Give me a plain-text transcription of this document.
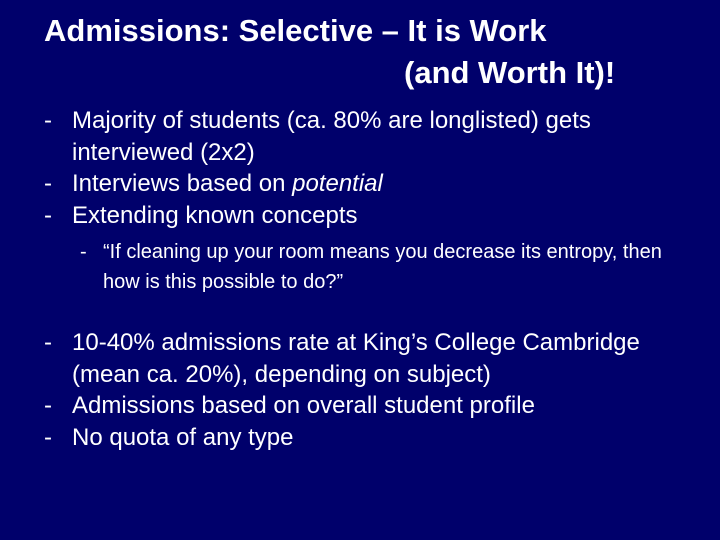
Admissions: Selective – It is Work
(and Worth It)!
- Majority of students (ca. 80% are longlisted) gets interviewed (2x2)
- Interviews based on potential
- Extending known concepts
- “If cleaning up your room means you decrease its entropy, then how is this possible to do?”
- 10-40% admissions rate at King’s College Cambridge (mean ca. 20%), depending on subject)
- Admissions based on overall student profile
- No quota of any type
